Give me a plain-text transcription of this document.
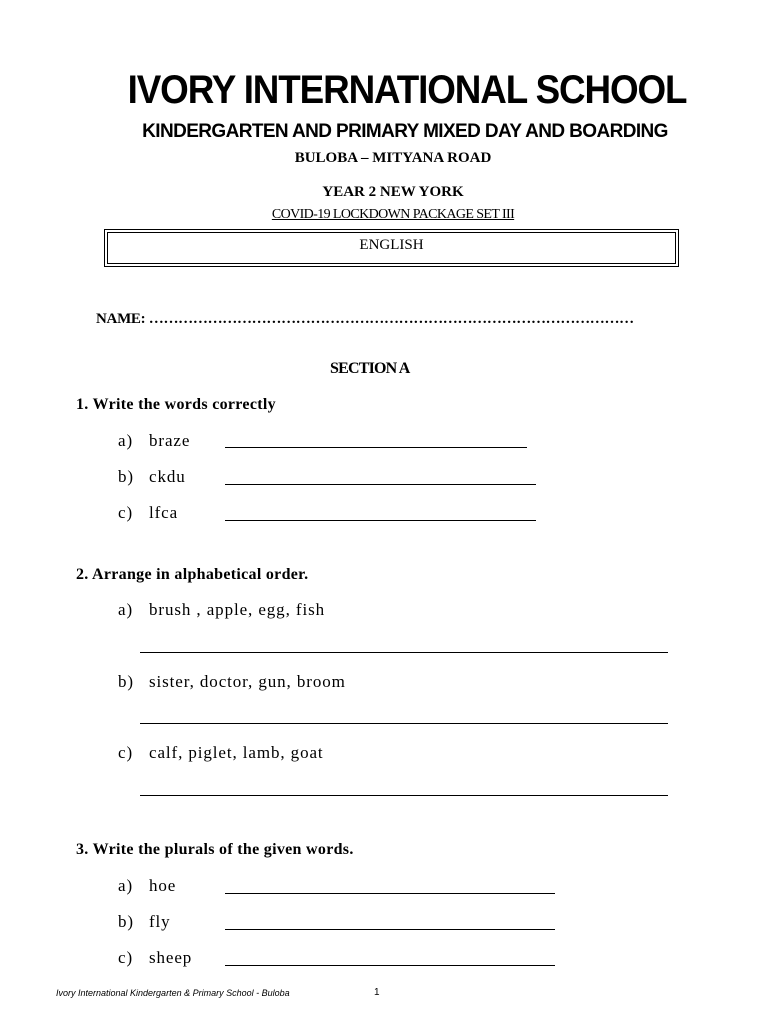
IVORY INTERNATIONAL SCHOOL
KINDERGARTEN AND PRIMARY MIXED DAY AND BOARDING
BULOBA – MITYANA ROAD
YEAR 2 NEW YORK
COVID-19 LOCKDOWN PACKAGE SET III
ENGLISH
NAME: ………………………………………………………………………………………
SECTION A
1. Write the words correctly
a) braze
b) ckdu
c) lfca
2. Arrange in alphabetical order.
a) brush , apple, egg, fish
b) sister, doctor, gun, broom
c) calf, piglet, lamb, goat
3. Write the plurals of the given words.
a) hoe
b) fly
c) sheep
Ivory International Kindergarten & Primary School - Buloba	1
